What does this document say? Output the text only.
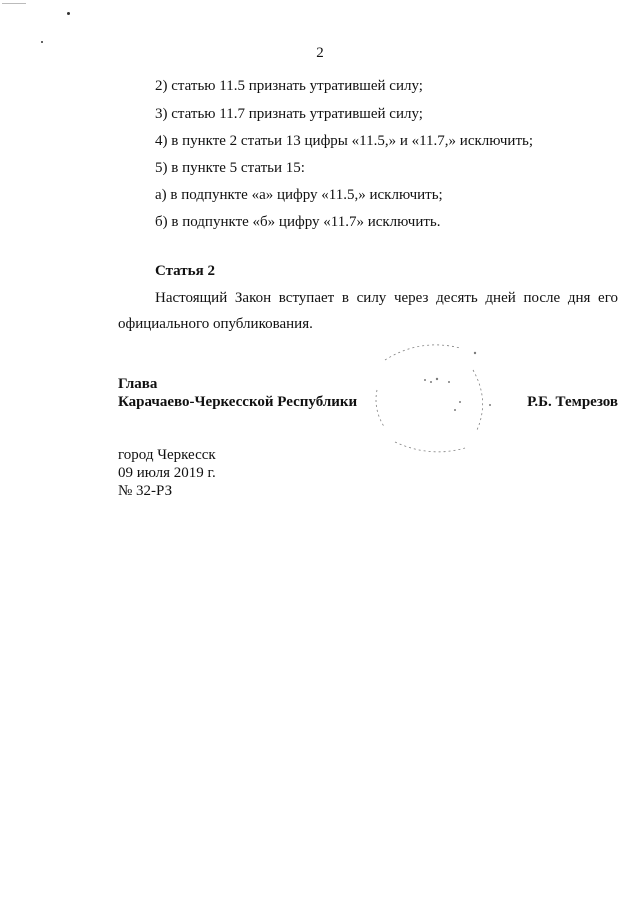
2
2) статью 11.5 признать утратившей силу;
3) статью 11.7 признать утратившей силу;
4) в пункте 2 статьи 13 цифры «11.5,» и «11.7,» исключить;
5) в пункте 5 статьи 15:
а) в подпункте «а» цифру «11.5,» исключить;
б) в подпункте «б» цифру «11.7» исключить.
Статья 2
Настоящий Закон вступает в силу через десять дней после дня его
официального опубликования.
Глава
Карачаево-Черкесской Республики	Р.Б. Темрезов
город Черкесск
09 июля 2019 г.
№ 32-РЗ
